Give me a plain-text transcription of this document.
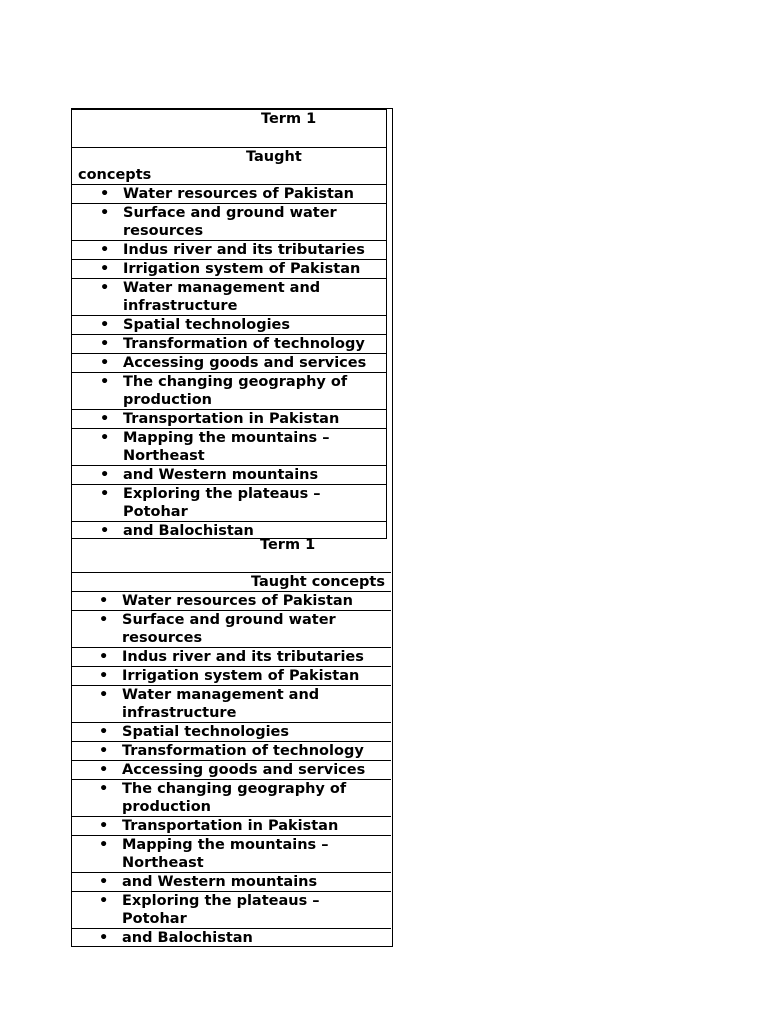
Term 1
Taught
concepts
• Water resources of Pakistan
• Surface and ground water resources
• Indus river and its tributaries
• Irrigation system of Pakistan
• Water management and infrastructure
• Spatial technologies
• Transformation of technology
• Accessing goods and services
• The changing geography of production
• Transportation in Pakistan
• Mapping the mountains – Northeast
• and Western mountains
• Exploring the plateaus – Potohar
• and Balochistan
Term 1
Taught concepts
• Water resources of Pakistan
• Surface and ground water resources
• Indus river and its tributaries
• Irrigation system of Pakistan
• Water management and infrastructure
• Spatial technologies
• Transformation of technology
• Accessing goods and services
• The changing geography of production
• Transportation in Pakistan
• Mapping the mountains – Northeast
• and Western mountains
• Exploring the plateaus – Potohar
• and Balochistan
